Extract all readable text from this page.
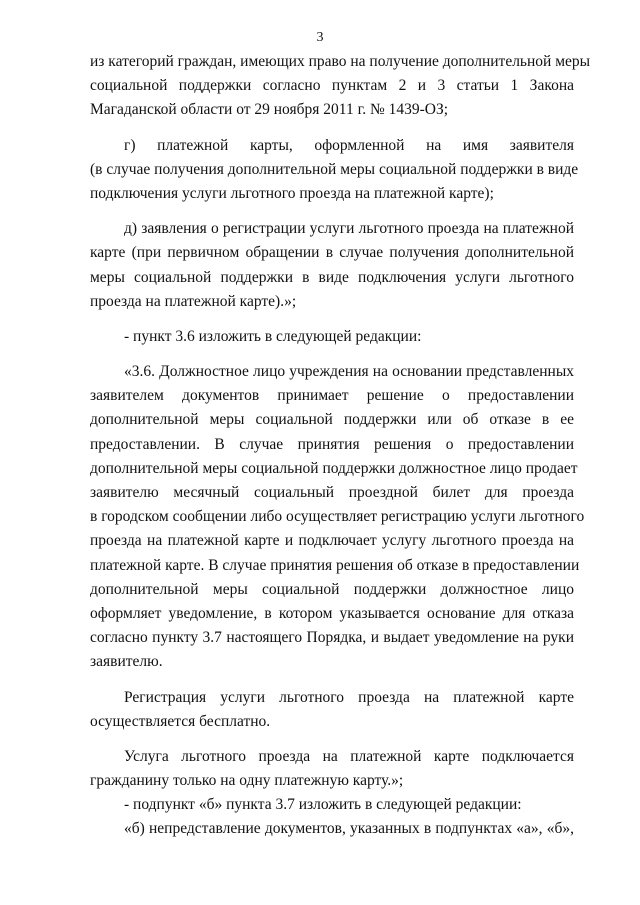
3
из категорий граждан, имеющих право на получение дополнительной меры
социальной поддержки согласно пунктам 2 и 3 статьи 1 Закона
Магаданской области от 29 ноября 2011 г. № 1439-ОЗ;
г) платежной карты, оформленной на имя заявителя
(в случае получения дополнительной меры социальной поддержки в виде
подключения услуги льготного проезда на платежной карте);
д) заявления о регистрации услуги льготного проезда на платежной
карте (при первичном обращении в случае получения дополнительной
меры социальной поддержки в виде подключения услуги льготного
проезда на платежной карте).»;
- пункт 3.6 изложить в следующей редакции:
«3.6. Должностное лицо учреждения на основании представленных
заявителем документов принимает решение о предоставлении
дополнительной меры социальной поддержки или об отказе в ее
предоставлении. В случае принятия решения о предоставлении
дополнительной меры социальной поддержки должностное лицо продает
заявителю месячный социальный проездной билет для проезда
в городском сообщении либо осуществляет регистрацию услуги льготного
проезда на платежной карте и подключает услугу льготного проезда на
платежной карте. В случае принятия решения об отказе в предоставлении
дополнительной меры социальной поддержки должностное лицо
оформляет уведомление, в котором указывается основание для отказа
согласно пункту 3.7 настоящего Порядка, и выдает уведомление на руки
заявителю.
Регистрация услуги льготного проезда на платежной карте
осуществляется бесплатно.
Услуга льготного проезда на платежной карте подключается
гражданину только на одну платежную карту.»;
- подпункт «б» пункта 3.7 изложить в следующей редакции:
«б) непредставление документов, указанных в подпунктах «а», «б»,
